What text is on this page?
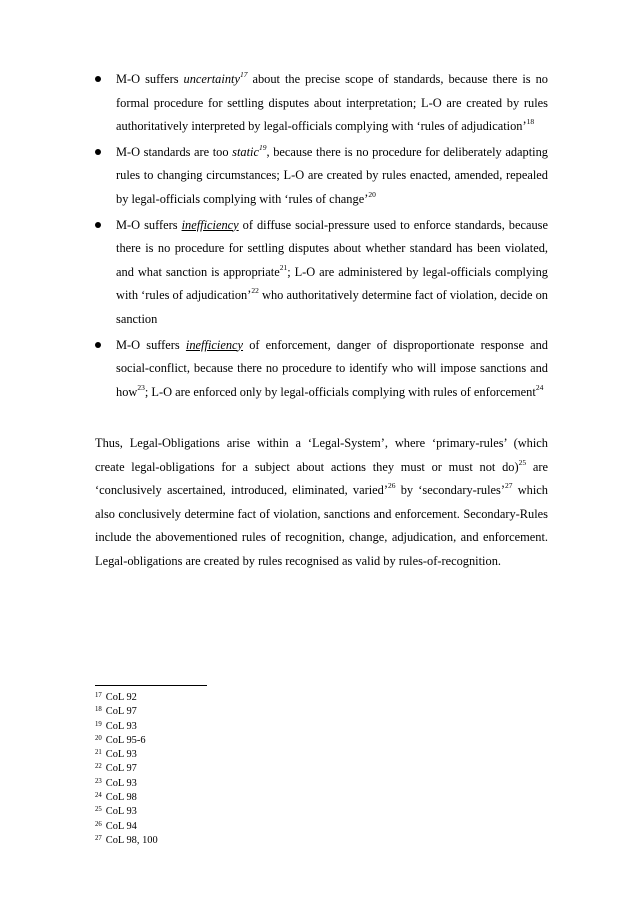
M-O suffers uncertainty$^{17}$ about the precise scope of standards, because there is no formal procedure for settling disputes about interpretation; L-O are created by rules authoritatively interpreted by legal-officials complying with ‘rules of adjudication’$^{18}$
M-O standards are too static$^{19}$, because there is no procedure for deliberately adapting rules to changing circumstances; L-O are created by rules enacted, amended, repealed by legal-officials complying with ‘rules of change’$^{20}$
M-O suffers inefficiency of diffuse social-pressure used to enforce standards, because there is no procedure for settling disputes about whether standard has been violated, and what sanction is appropriate$^{21}$; L-O are administered by legal-officials complying with ‘rules of adjudication’$^{22}$ who authoritatively determine fact of violation, decide on sanction
M-O suffers inefficiency of enforcement, danger of disproportionate response and social-conflict, because there no procedure to identify who will impose sanctions and how$^{23}$; L-O are enforced only by legal-officials complying with rules of enforcement$^{24}$

Thus, Legal-Obligations arise within a ‘Legal-System’, where ‘primary-rules’ (which create legal-obligations for a subject about actions they must or must not do)$^{25}$ are ‘conclusively ascertained, introduced, eliminated, varied’$^{26}$ by ‘secondary-rules’$^{27}$ which also conclusively determine fact of violation, sanctions and enforcement. Secondary-Rules include the abovementioned rules of recognition, change, adjudication, and enforcement. Legal-obligations are created by rules recognised as valid by rules-of-recognition.

$^{17}$ CoL 92
$^{18}$ CoL 97
$^{19}$ CoL 93
$^{20}$ CoL 95-6
$^{21}$ CoL 93
$^{22}$ CoL 97
$^{23}$ CoL 93
$^{24}$ CoL 98
$^{25}$ CoL 93
$^{26}$ CoL 94
$^{27}$ CoL 98, 100
